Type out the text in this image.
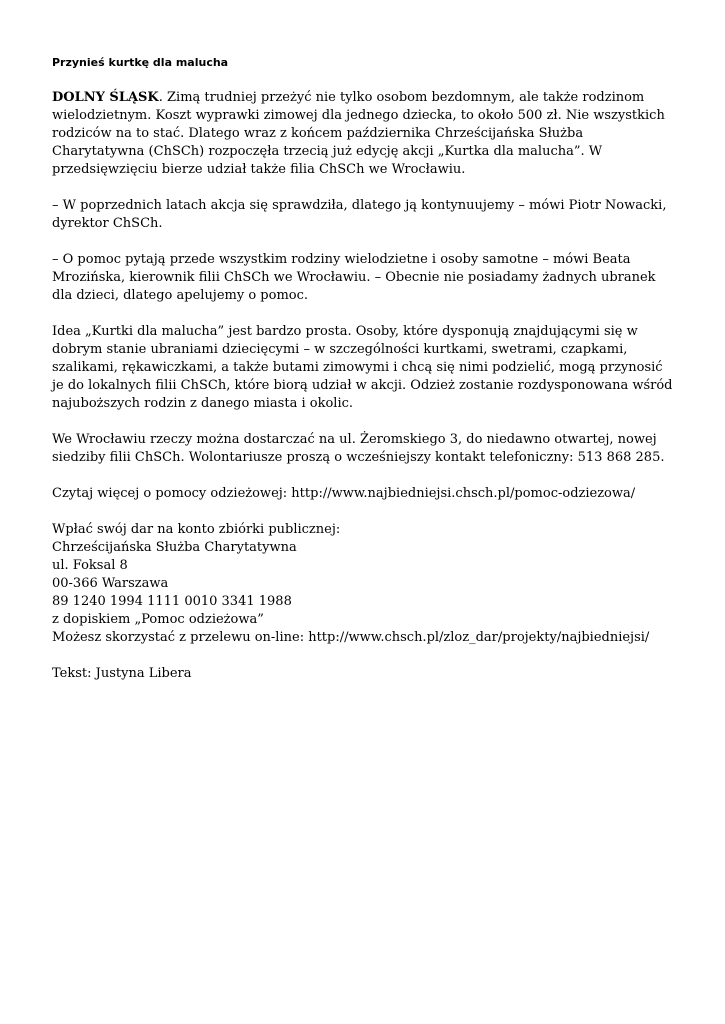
Przynieś kurtkę dla malucha

DOLNY ŚLĄSK. Zimą trudniej przeżyć nie tylko osobom bezdomnym, ale także rodzinom wielodzietnym. Koszt wyprawki zimowej dla jednego dziecka, to około 500 zł. Nie wszystkich rodziców na to stać. Dlatego wraz z końcem października Chrześcijańska Służba Charytatywna (ChSCh) rozpoczęła trzecią już edycję akcji „Kurtka dla malucha”. W przedsięwzięciu bierze udział także filia ChSCh we Wrocławiu.

– W poprzednich latach akcja się sprawdziła, dlatego ją kontynuujemy – mówi Piotr Nowacki, dyrektor ChSCh.

– O pomoc pytają przede wszystkim rodziny wielodzietne i osoby samotne – mówi Beata Mrozińska, kierownik filii ChSCh we Wrocławiu. – Obecnie nie posiadamy żadnych ubranek dla dzieci, dlatego apelujemy o pomoc.

Idea „Kurtki dla malucha” jest bardzo prosta. Osoby, które dysponują znajdującymi się w dobrym stanie ubraniami dziecięcymi – w szczególności kurtkami, swetrami, czapkami, szalikami, rękawiczkami, a także butami zimowymi i chcą się nimi podzielić, mogą przynosić je do lokalnych filii ChSCh, które biorą udział w akcji. Odzież zostanie rozdysponowana wśród najuboższych rodzin z danego miasta i okolic.

We Wrocławiu rzeczy można dostarczać na ul. Żeromskiego 3, do niedawno otwartej, nowej siedziby filii ChSCh. Wolontariusze proszą o wcześniejszy kontakt telefoniczny: 513 868 285.

Czytaj więcej o pomocy odzieżowej: http://www.najbiedniejsi.chsch.pl/pomoc-odziezowa/

Wpłać swój dar na konto zbiórki publicznej:
Chrześcijańska Służba Charytatywna
ul. Foksal 8
00-366 Warszawa
89 1240 1994 1111 0010 3341 1988
z dopiskiem „Pomoc odzieżowa”
Możesz skorzystać z przelewu on-line: http://www.chsch.pl/zloz_dar/projekty/najbiedniejsi/

Tekst: Justyna Libera
